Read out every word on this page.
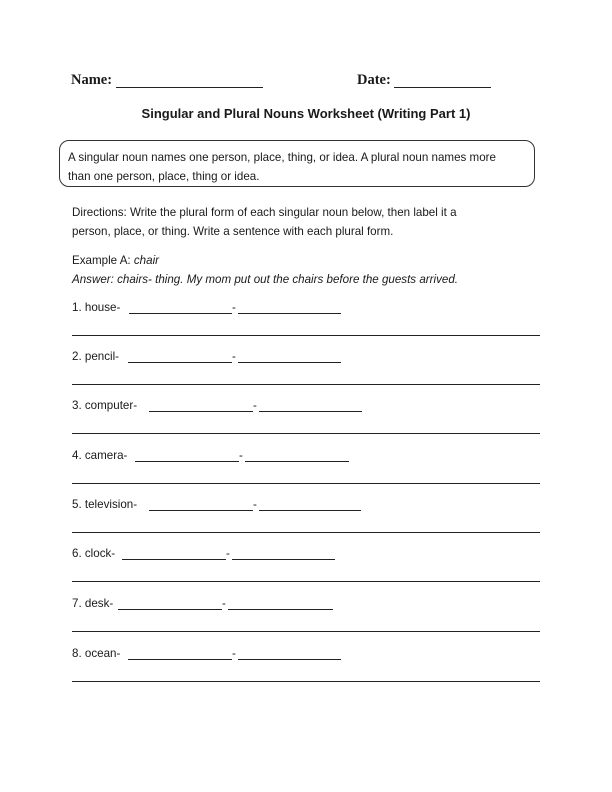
Name:	Date:
Singular and Plural Nouns Worksheet (Writing Part 1)
A singular noun names one person, place, thing, or idea. A plural noun names more
than one person, place, thing or idea.
Directions: Write the plural form of each singular noun below, then label it a
person, place, or thing. Write a sentence with each plural form.
Example A: chair
Answer: chairs- thing. My mom put out the chairs before the guests arrived.
1. house-	-
2. pencil-	-
3. computer-	-
4. camera-	-
5. television-	-
6. clock-	-
7. desk-	-
8. ocean-	-
